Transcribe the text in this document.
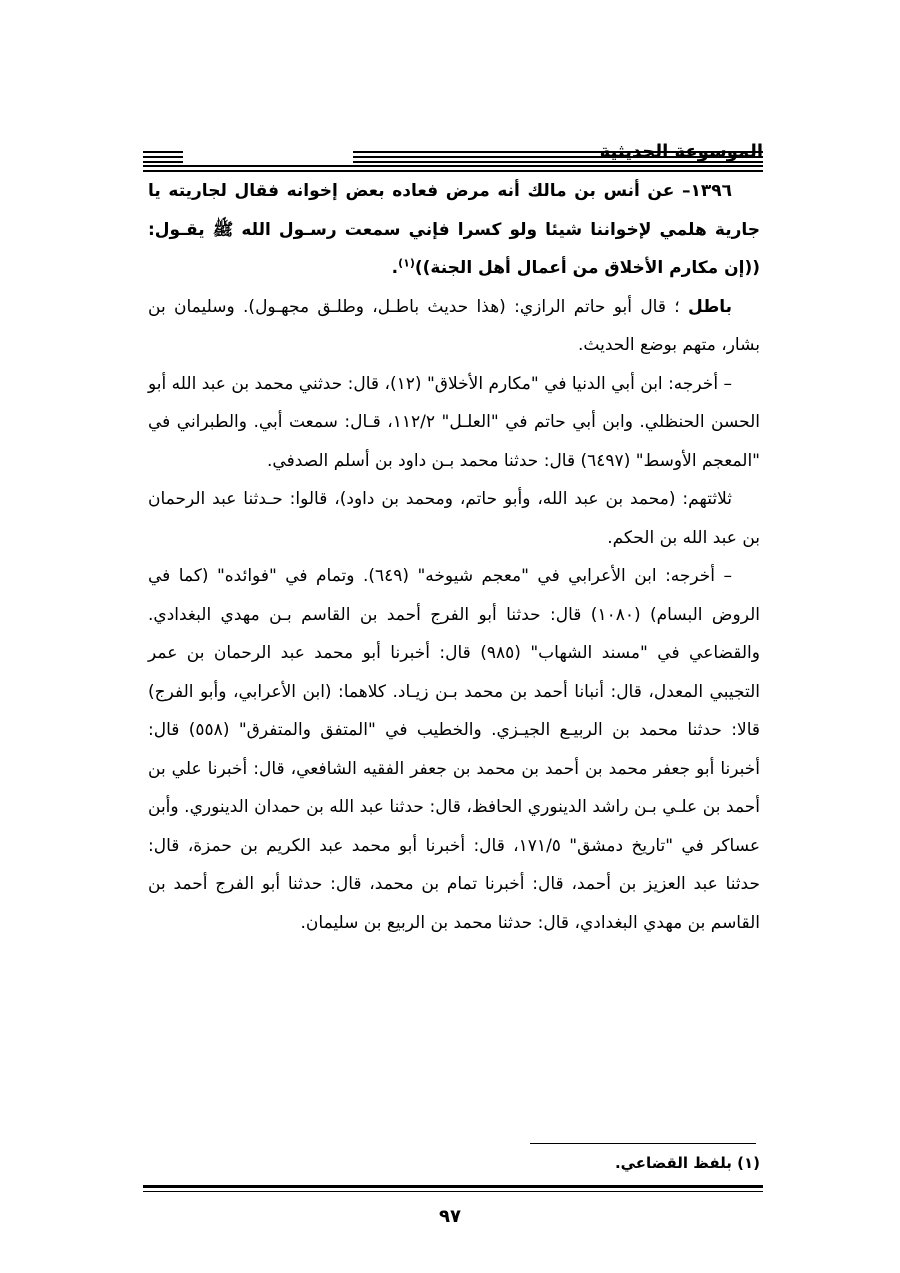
الموسوعة الحديثية

١٣٩٦– عن أنس بن مالك أنه مرض فعاده بعض إخوانه فقال لجاريته يا جارية هلمي لإخواننا شيئا ولو كسرا فإني سمعت رسـول الله ﷺ يقـول: ((إن مكارم الأخلاق من أعمال أهل الجنة))$^{(١)}$.

باطل ؛ قال أبو حاتم الرازي: (هذا حديث باطـل، وطلـق مجهـول). وسليمان بن بشار، متهم بوضع الحديث.

– أخرجه: ابن أبي الدنيا في "مكارم الأخلاق" (١٢)، قال: حدثني محمد بن عبد الله أبو الحسن الحنظلي. وابن أبي حاتم في "العلـل" ١١٢/٢، قـال: سمعت أبي. والطبراني في "المعجم الأوسط" (٦٤٩٧) قال: حدثنا محمد بـن داود بن أسلم الصدفي.

ثلاثتهم: (محمد بن عبد الله، وأبو حاتم، ومحمد بن داود)، قالوا: حـدثنا عبد الرحمان بن عبد الله بن الحكم.

– أخرجه: ابن الأعرابي في "معجم شيوخه" (٦٤٩). وتمام في "فوائده" (كما في الروض البسام) (١٠٨٠) قال: حدثنا أبو الفرج أحمد بن القاسم بـن مهدي البغدادي. والقضاعي في "مسند الشهاب" (٩٨٥) قال: أخبرنا أبو محمد عبد الرحمان بن عمر التجيبي المعدل، قال: أنبانا أحمد بن محمد بـن زيـاد. كلاهما: (ابن الأعرابي، وأبو الفرج) قالا: حدثنا محمد بن الربيـع الجيـزي. والخطيب في "المتفق والمتفرق" (٥٥٨) قال: أخبرنا أبو جعفر محمد بن أحمد بن محمد بن جعفر الفقيه الشافعي، قال: أخبرنا علي بن أحمد بن علـي بـن راشد الدينوري الحافظ، قال: حدثنا عبد الله بن حمدان الدينوري. وأبن عساكر في "تاريخ دمشق" ١٧١/٥، قال: أخبرنا أبو محمد عبد الكريم بن حمزة، قال: حدثنا عبد العزيز بن أحمد، قال: أخبرنا تمام بن محمد، قال: حدثنا أبو الفرج أحمد بن القاسم بن مهدي البغدادي، قال: حدثنا محمد بن الربيع بن سليمان.

(١) بلفظ القضاعي.
٩٧
